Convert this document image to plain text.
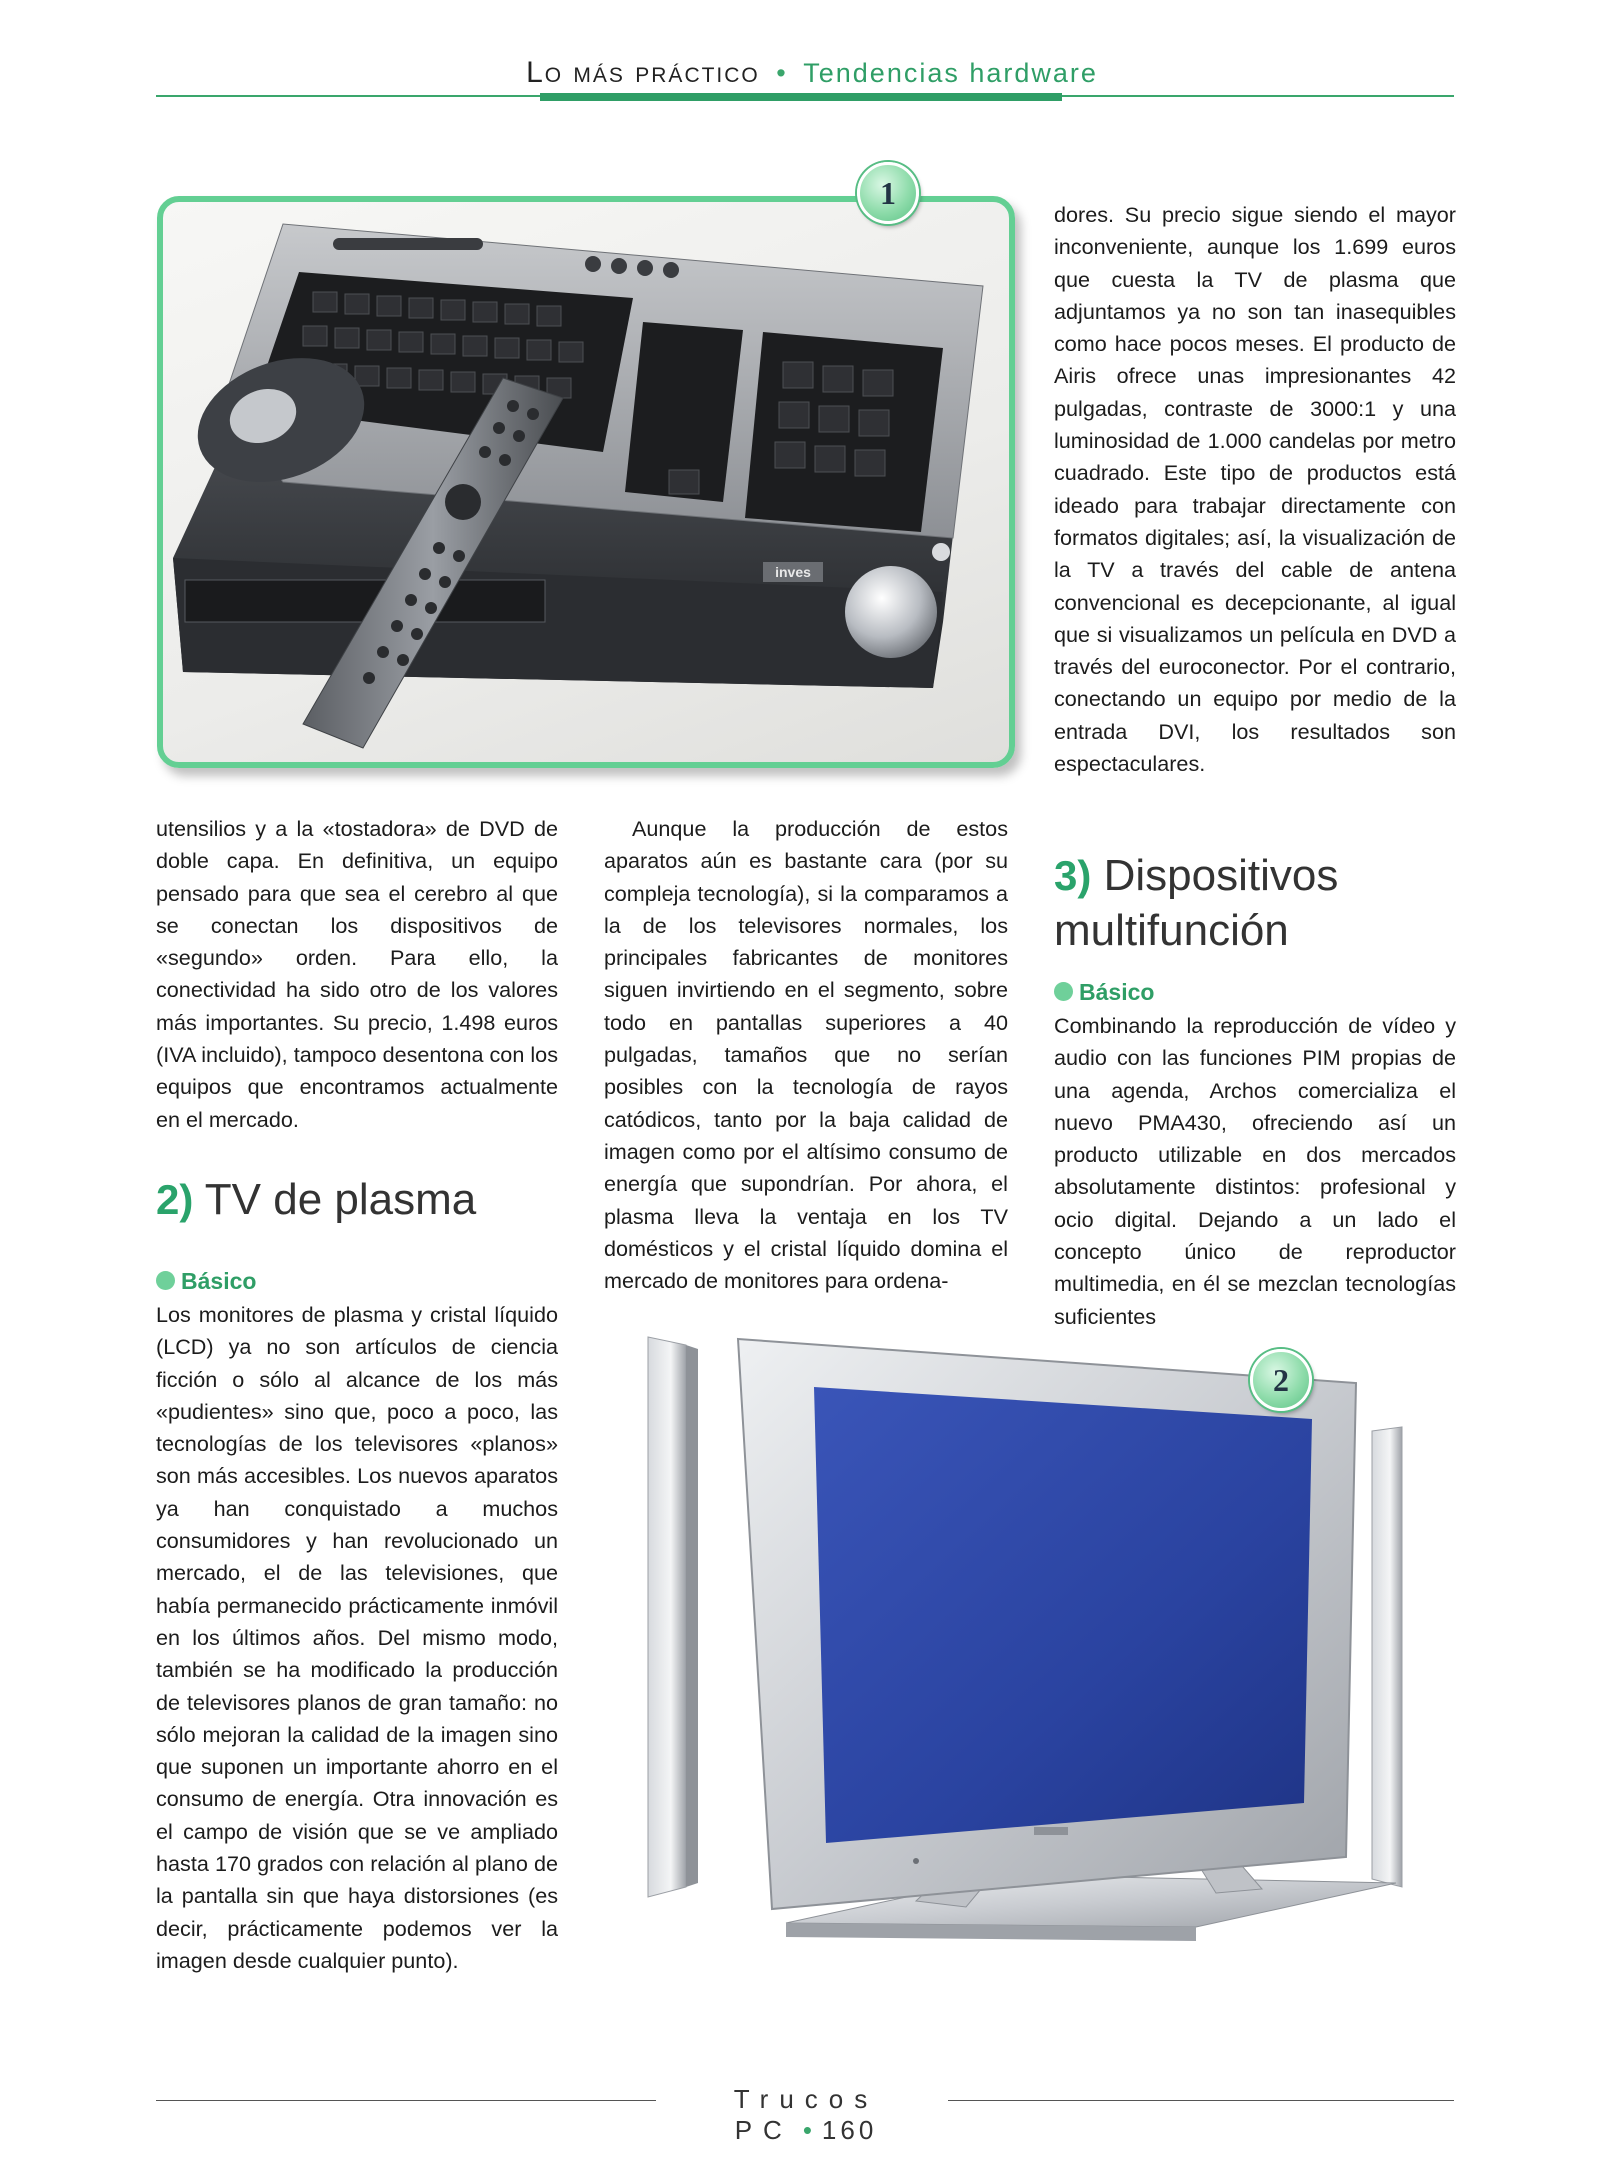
Lo más práctico • Tendencias hardware
inves
1

utensilios y a la «tostadora» de DVD de doble capa. En definitiva, un equipo pensado para que sea el cerebro al que se conectan los dispositivos de «segundo» orden. Para ello, la conectividad ha sido otro de los valores más importantes. Su precio, 1.498 euros (IVA incluido), tampoco desentona con los equipos que encontramos actualmente en el mercado.

2) TV de plasma
Básico

Los monitores de plasma y cristal líquido (LCD) ya no son artículos de ciencia ficción o sólo al alcance de los más «pudientes» sino que, poco a poco, las tecnologías de los televisores «planos» son más accesibles. Los nuevos aparatos ya han conquistado a muchos consumidores y han revolucionado un mercado, el de las televisiones, que había permanecido prácticamente inmóvil en los últimos años. Del mismo modo, también se ha modificado la producción de televisores planos de gran tamaño: no sólo mejoran la calidad de la imagen sino que suponen un importante ahorro en el consumo de energía. Otra innovación es el campo de visión que se ve ampliado hasta 170 grados con relación al plano de la pantalla sin que haya distorsiones (es decir, prácticamente podemos ver la imagen desde cualquier punto).

Aunque la producción de estos aparatos aún es bastante cara (por su compleja tecnología), si la comparamos a la de los televisores normales, los principales fabricantes de monitores siguen invirtiendo en el segmento, sobre todo en pantallas superiores a 40 pulgadas, tamaños que no serían posibles con la tecnología de rayos catódicos, tanto por la baja calidad de imagen como por el altísimo consumo de energía que supondrían. Por ahora, el plasma lleva la ventaja en los TV domésticos y el cristal líquido domina el mercado de monitores para ordena-

dores. Su precio sigue siendo el mayor inconveniente, aunque los 1.699 euros que cuesta la TV de plasma que adjuntamos ya no son tan inasequibles como hace pocos meses. El producto de Airis ofrece unas impresionantes 42 pulgadas, contraste de 3000:1 y una luminosidad de 1.000 candelas por metro cuadrado. Este tipo de productos está ideado para trabajar directamente con formatos digitales; así, la visualización de la TV a través del cable de antena convencional es decepcionante, al igual que si visualizamos un película en DVD a través del euroconector. Por el contrario, conectando un equipo por medio de la entrada DVI, los resultados son espectaculares.

3) Dispositivos
multifunción
Básico

Combinando la reproducción de vídeo y audio con las funciones PIM propias de una agenda, Archos comercializa el nuevo PMA430, ofreciendo así un producto utilizable en dos mercados absolutamente distintos: profesional y ocio digital. Dejando a un lado el concepto único de reproductor multimedia, en él se mezclan tecnologías suficientes

2
Trucos PC • 160
